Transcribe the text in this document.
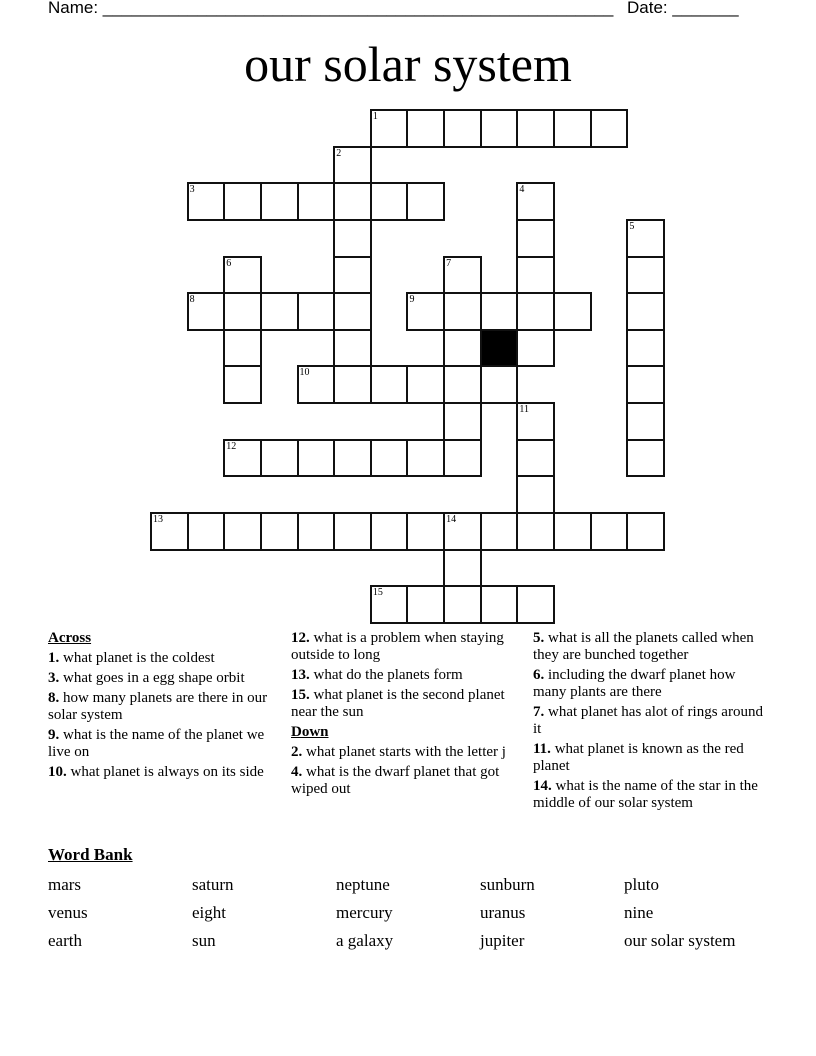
Name: ______________________________________________________ Date: _______
our solar system
1
2
3	4
5
6	7
8	9
10
11
12
13	14
15
Across
1. what planet is the coldest
3. what goes in a egg shape orbit
8. how many planets are there in our solar system
9. what is the name of the planet we live on
10. what planet is always on its side
12. what is a problem when staying outside to long
13. what do the planets form
15. what planet is the second planet near the sun
Down
2. what planet starts with the letter j
4. what is the dwarf planet that got wiped out
5. what is all the planets called when they are bunched together
6. including the dwarf planet how many plants are there
7. what planet has alot of rings around it
11. what planet is known as the red planet
14. what is the name of the star in the middle of our solar system
Word Bank
mars	saturn	neptune	sunburn	pluto
venus	eight	mercury	uranus	nine
earth	sun	a galaxy	jupiter	our solar system
